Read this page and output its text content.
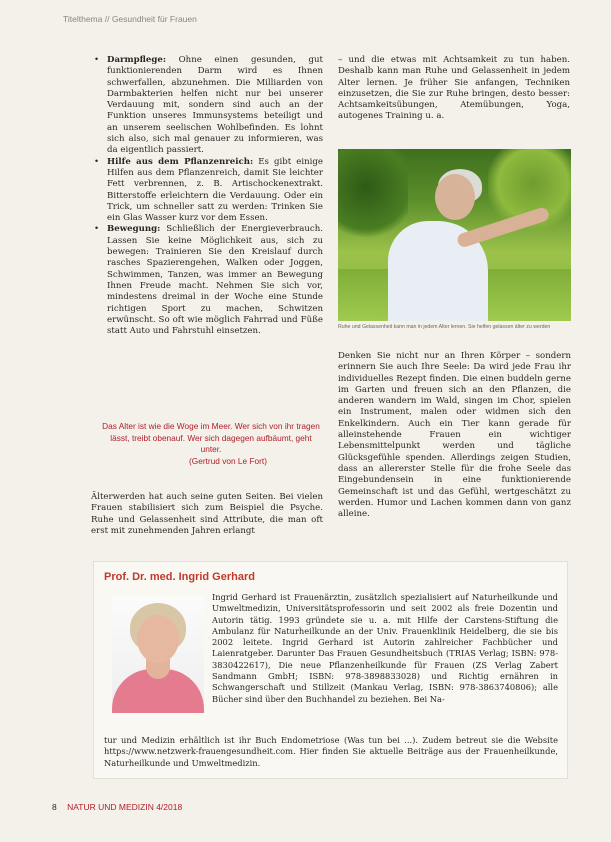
Titelthema // Gesundheit für Frauen
• Darmpflege: Ohne einen gesunden, gut funktionierenden Darm wird es Ihnen schwerfallen, abzunehmen. Die Milliarden von Darmbakterien helfen nicht nur bei unserer Verdauung mit, sondern sind auch an der Funktion unseres Immunsystems beteiligt und an unserem seelischen Wohlbefinden. Es lohnt sich also, sich mal genauer zu informieren, was da eigentlich passiert.
• Hilfe aus dem Pflanzenreich: Es gibt einige Hilfen aus dem Pflanzenreich, damit Sie leichter Fett verbrennen, z. B. Artischockenextrakt. Bitterstoffe erleichtern die Verdauung. Oder ein Trick, um schneller satt zu werden: Trinken Sie ein Glas Wasser kurz vor dem Essen.
• Bewegung: Schließlich der Energieverbrauch. Lassen Sie keine Möglichkeit aus, sich zu bewegen: Trainieren Sie den Kreislauf durch rasches Spazierengehen, Walken oder Joggen, Schwimmen, Tanzen, was immer an Bewegung Ihnen Freude macht. Nehmen Sie sich vor, mindestens dreimal in der Woche eine Stunde richtigen Sport zu machen, Schwitzen erwünscht. So oft wie möglich Fahrrad und Füße statt Auto und Fahrstuhl einsetzen.
Das Alter ist wie die Woge im Meer. Wer sich von ihr tragen lässt, treibt obenauf. Wer sich dagegen aufbäumt, geht unter.
(Gertrud von Le Fort)
Älterwerden hat auch seine guten Seiten. Bei vielen Frauen stabilisiert sich zum Beispiel die Psyche. Ruhe und Gelassenheit sind Attribute, die man oft erst mit zunehmenden Jahren erlangt
– und die etwas mit Achtsamkeit zu tun haben. Deshalb kann man Ruhe und Gelassenheit in jedem Alter lernen. Je früher Sie anfangen, Techniken einzusetzen, die Sie zur Ruhe bringen, desto besser: Achtsamkeitsübungen, Atemübungen, Yoga, autogenes Training u. a.
Ruhe und Gelassenheit kann man in jedem Alter lernen. Sie helfen gelassen älter zu werden
Denken Sie nicht nur an Ihren Körper – sondern erinnern Sie auch Ihre Seele: Da wird jede Frau ihr individuelles Rezept finden. Die einen buddeln gerne im Garten und freuen sich an den Pflanzen, die anderen wandern im Wald, singen im Chor, spielen ein Instrument, malen oder widmen sich den Enkelkindern. Auch ein Tier kann gerade für alleinstehende Frauen ein wichtiger Lebensmittelpunkt werden und tägliche Glücksgefühle spenden. Allerdings zeigen Studien, dass an allererster Stelle für die frohe Seele das Eingebundensein in eine funktionierende Gemeinschaft ist und das Gefühl, wertgeschätzt zu werden. Humor und Lachen kommen dann von ganz alleine.
Prof. Dr. med. Ingrid Gerhard
Ingrid Gerhard ist Frauenärztin, zusätzlich spezialisiert auf Naturheilkunde und Umweltmedizin, Universitätsprofessorin und seit 2002 als freie Dozentin und Autorin tätig. 1993 gründete sie u. a. mit Hilfe der Carstens-Stiftung die Ambulanz für Naturheilkunde an der Univ. Frauenklinik Heidelberg, die sie bis 2002 leitete. Ingrid Gerhard ist Autorin zahlreicher Fachbücher und Laienratgeber. Darunter Das Frauen Gesundheitsbuch (TRIAS Verlag; ISBN: 978-3830422617), Die neue Pflanzenheilkunde für Frauen (ZS Verlag Zabert Sandmann GmbH; ISBN: 978-3898833028) und Richtig ernähren in Schwangerschaft und Stillzeit (Mankau Verlag, ISBN: 978-3863740806); alle Bücher sind über den Buchhandel zu beziehen. Bei Na-
tur und Medizin erhältlich ist ihr Buch Endometriose (Was tun bei ...). Zudem betreut sie die Website https://www.netzwerk-frauengesundheit.com. Hier finden Sie aktuelle Beiträge aus der Frauenheilkunde, Naturheilkunde und Umweltmedizin.
8 NATUR UND MEDIZIN 4/2018
